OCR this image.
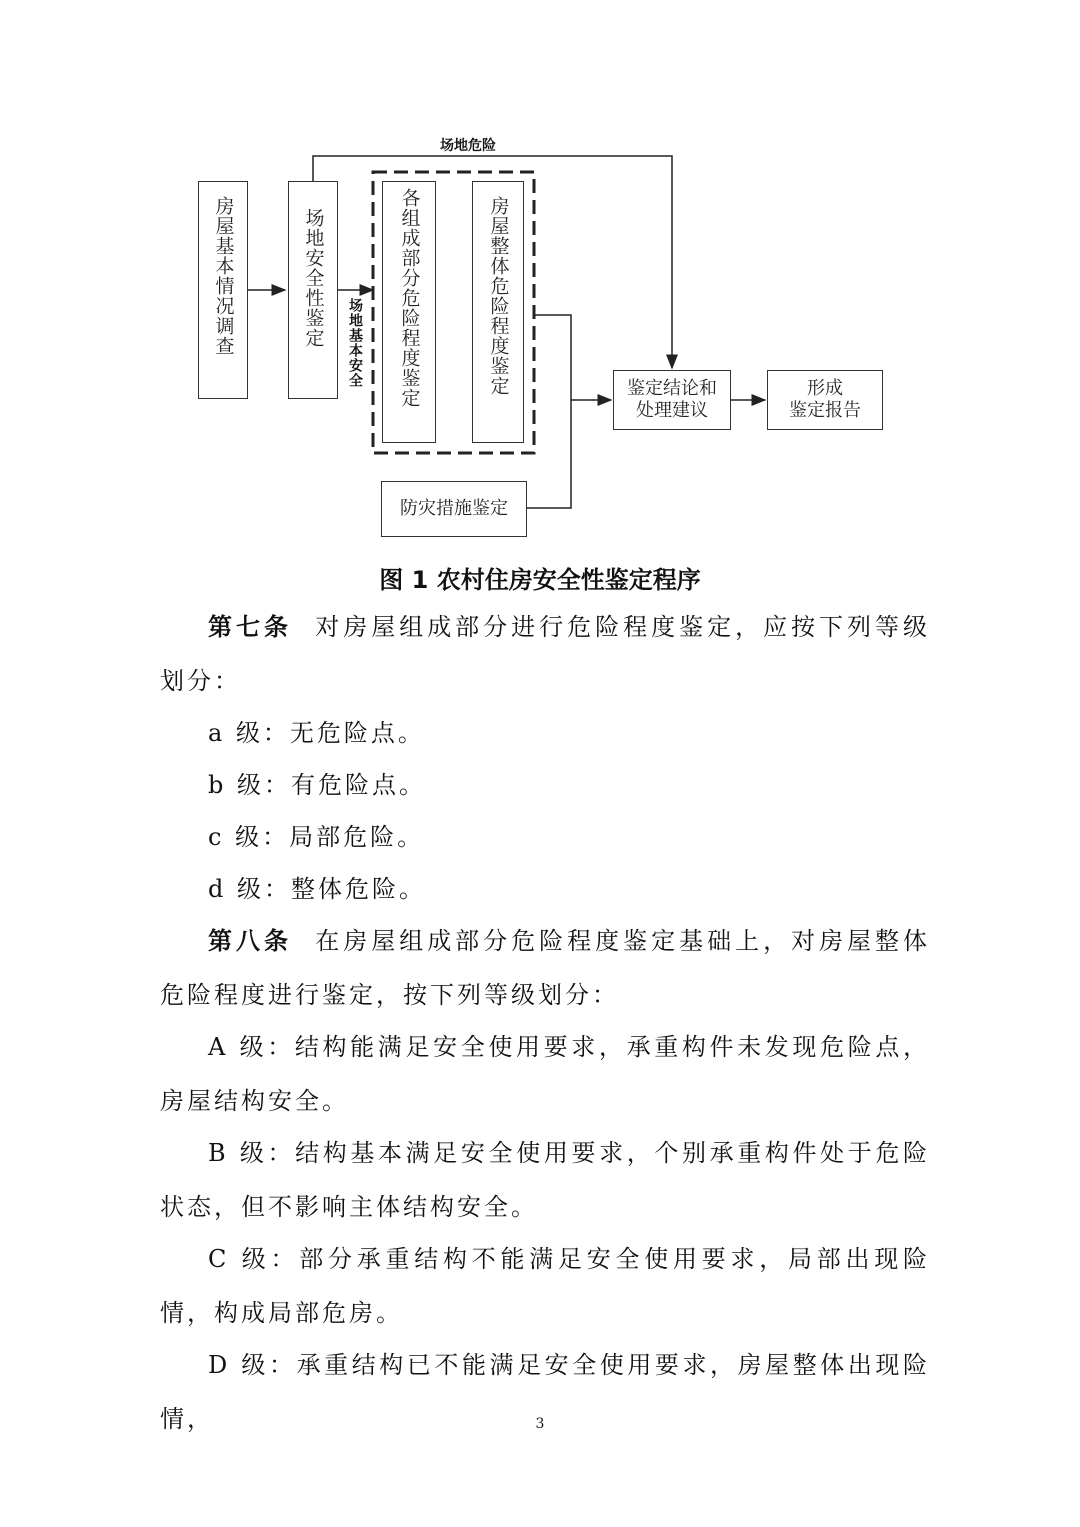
场地危险
场地基本安全
房屋基本情况调查	场地安全性鉴定	各组成部分危险程度鉴定	房屋整体危险程度鉴定
防灾措施鉴定
鉴定结论和
处理建议
形成
鉴定报告
图 1 农村住房安全性鉴定程序
第七条 对房屋组成部分进行危险程度鉴定，应按下列等级划分：
a 级：无危险点。
b 级：有危险点。
c 级：局部危险。
d 级：整体危险。
第八条 在房屋组成部分危险程度鉴定基础上，对房屋整体危险程度进行鉴定，按下列等级划分：
A 级：结构能满足安全使用要求，承重构件未发现危险点，房屋结构安全。
B 级：结构基本满足安全使用要求，个别承重构件处于危险状态，但不影响主体结构安全。
C 级：部分承重结构不能满足安全使用要求，局部出现险情，构成局部危房。
D 级：承重结构已不能满足安全使用要求，房屋整体出现险情，	3
